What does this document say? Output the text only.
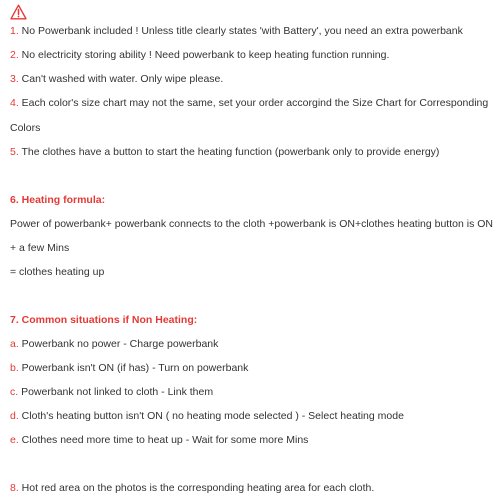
1. No Powerbank included ! Unless title clearly states 'with Battery', you need an extra powerbank
2. No electricity storing ability ! Need powerbank to keep heating function running.
3. Can't washed with water. Only wipe please.
4. Each color's size chart may not the same, set your order accorgind the Size Chart for Corresponding
Colors
5. The clothes have a button to start the heating function (powerbank only to provide energy)
6. Heating formula:
Power of powerbank+ powerbank connects to the cloth +powerbank is ON+clothes heating button is ON
+ a few Mins
= clothes heating up
7. Common situations if Non Heating:
a. Powerbank no power - Charge powerbank
b. Powerbank isn't ON (if has) - Turn on powerbank
c. Powerbank not linked to cloth - Link them
d. Cloth's heating button isn't ON ( no heating mode selected ) - Select heating mode
e. Clothes need more time to heat up - Wait for some more Mins
8. Hot red area on the photos is the corresponding heating area for each cloth.
